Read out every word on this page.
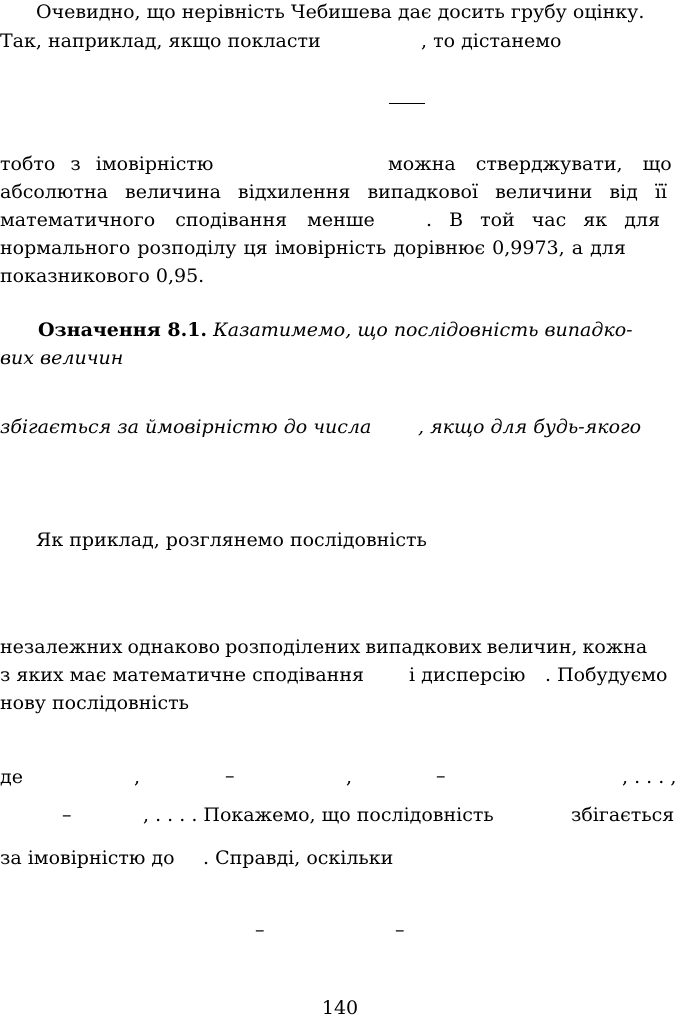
Очевидно, що нерівність Чебишева дає досить грубу оцінку.
Так, наприклад, якщо покласти	, то дістанемо
тобто з імовірністю	можна стверджувати, що
абсолютна величина відхилення випадкової величини від її
математичного сподівання менше	. В той час як для
нормального розподілу ця імовірність дорівнює 0,9973, а для
показникового 0,95.
Означення 8.1. Казатимемо, що послідовність випадко-
вих величин
збігається за ймовірністю до числа , якщо для будь-якого
Як приклад, розглянемо послідовність
незалежних однаково розподілених випадкових величин, кожна
з яких має математичне сподівання і дисперсію . Побудуємо
нову послідовність
де	,	–	,	–	, . . . ,
–	, . . . . Покажемо, що послідовність	збігається
за імовірністю до . Справді, оскільки
–	–
140
